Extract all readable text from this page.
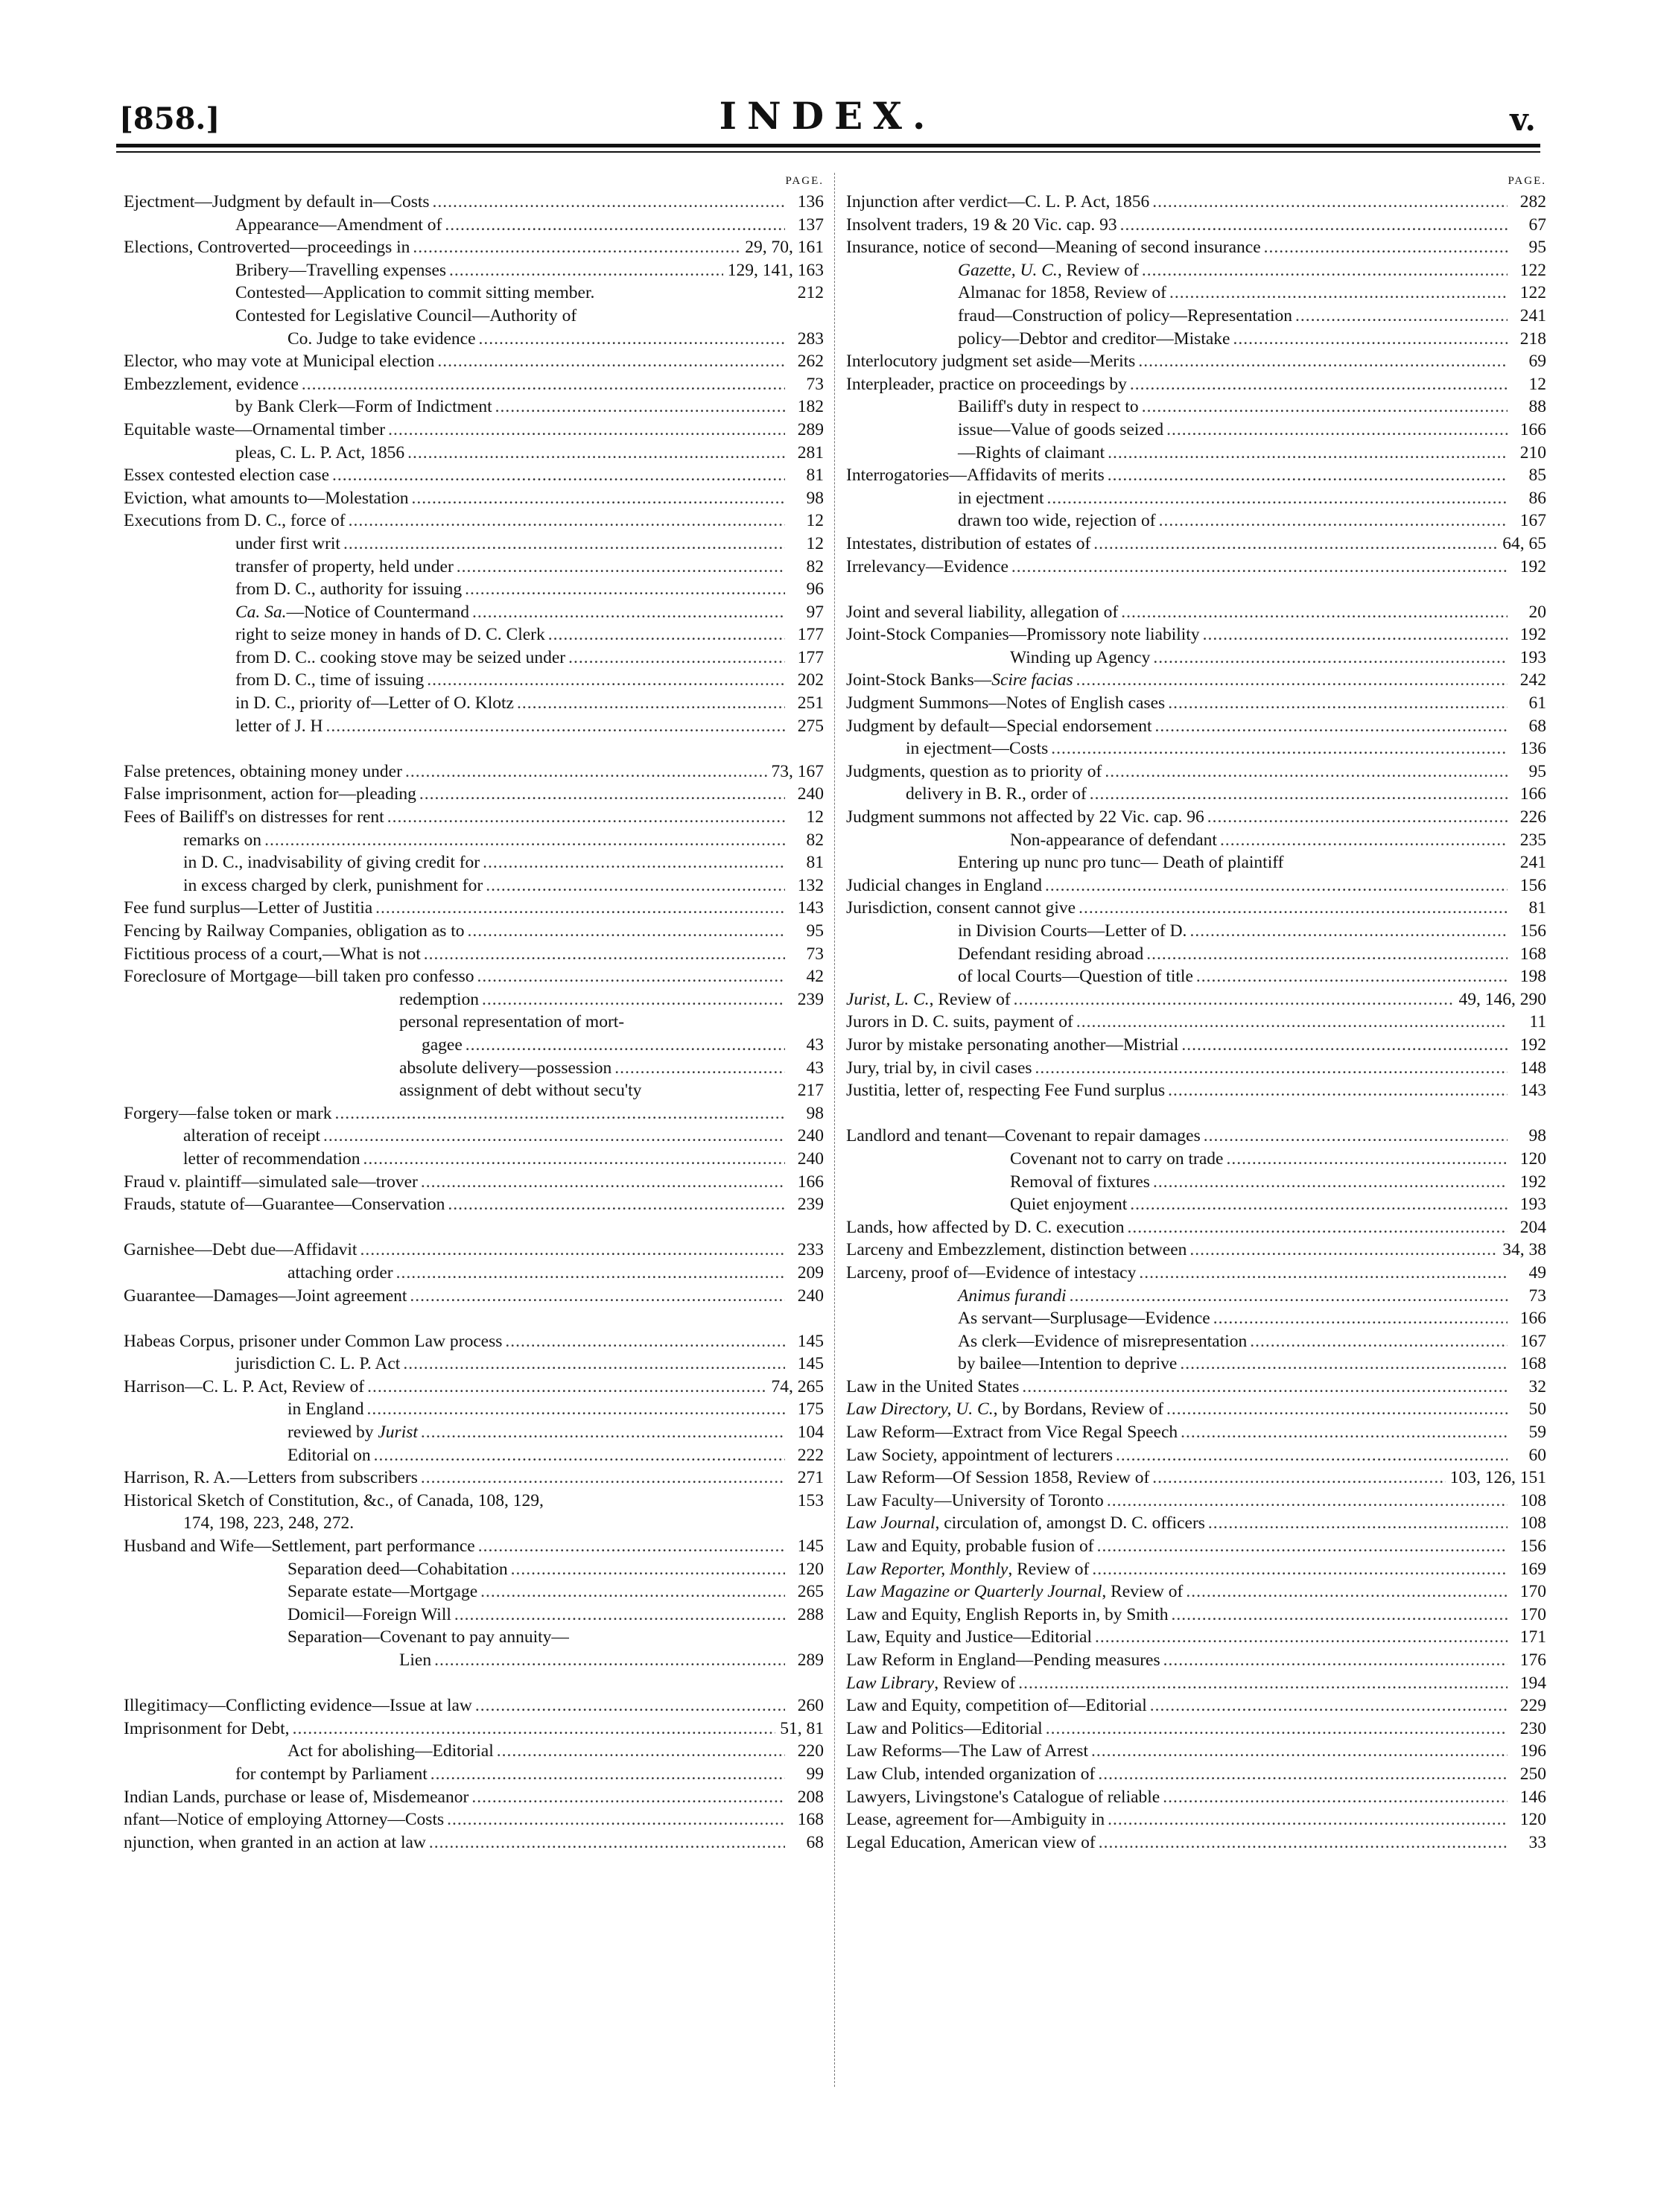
[858.]	INDEX.	v.
PAGE.
Ejectment—Judgment by default in—Costs .....	136
Appearance—Amendment of .....	137
Elections, Controverted—proceedings in .....	29, 70, 161
Bribery—Travelling expenses .....	129, 141, 163
Contested—Application to commit sitting member.	212
Contested for Legislative Council—Authority of
Co. Judge to take evidence .....	283
Elector, who may vote at Municipal election .....	262
Embezzlement, evidence .....	73
by Bank Clerk—Form of Indictment .....	182
Equitable waste—Ornamental timber .....	289
pleas, C. L. P. Act, 1856 .....	281
Essex contested election case .....	81
Eviction, what amounts to—Molestation .....	98
Executions from D. C., force of .....	12
under first writ .....	12
transfer of property, held under .....	82
from D. C., authority for issuing .....	96
Ca. Sa.—Notice of Countermand .....	97
right to seize money in hands of D. C. Clerk .....	177
from D. C.. cooking stove may be seized under .....	177
from D. C., time of issuing .....	202
in D. C., priority of—Letter of O. Klotz .....	251
letter of J. H .....	275
False pretences, obtaining money under .....	73, 167
False imprisonment, action for—pleading .....	240
Fees of Bailiff's on distresses for rent .....	12
remarks on .....	82
in D. C., inadvisability of giving credit for .....	81
in excess charged by clerk, punishment for .....	132
Fee fund surplus—Letter of Justitia .....	143
Fencing by Railway Companies, obligation as to .....	95
Fictitious process of a court,—What is not .....	73
Foreclosure of Mortgage—bill taken pro confesso .....	42
redemption .....	239
personal representation of mort-
gagee .....	43
absolute delivery—possession .....	43
assignment of debt without secu'ty	217
Forgery—false token or mark .....	98
alteration of receipt .....	240
letter of recommendation .....	240
Fraud v. plaintiff—simulated sale—trover .....	166
Frauds, statute of—Guarantee—Conservation .....	239
Garnishee—Debt due—Affidavit .....	233
attaching order .....	209
Guarantee—Damages—Joint agreement .....	240
Habeas Corpus, prisoner under Common Law process .....	145
jurisdiction C. L. P. Act .....	145
Harrison—C. L. P. Act, Review of .....	74, 265
in England .....	175
reviewed by Jurist .....	104
Editorial on .....	222
Harrison, R. A.—Letters from subscribers .....	271
Historical Sketch of Constitution, &c., of Canada, 108, 129,	153
174, 198, 223, 248, 272.
Husband and Wife—Settlement, part performance .....	145
Separation deed—Cohabitation .....	120
Separate estate—Mortgage .....	265
Domicil—Foreign Will .....	288
Separation—Covenant to pay annuity—
Lien .....	289
Illegitimacy—Conflicting evidence—Issue at law .....	260
Imprisonment for Debt, .....	51, 81
Act for abolishing—Editorial .....	220
for contempt by Parliament .....	99
Indian Lands, purchase or lease of, Misdemeanor .....	208
nfant—Notice of employing Attorney—Costs .....	168
njunction, when granted in an action at law .....	68
PAGE.
Injunction after verdict—C. L. P. Act, 1856 .....	282
Insolvent traders, 19 & 20 Vic. cap. 93 .....	67
Insurance, notice of second—Meaning of second insurance .....	95
Gazette, U. C., Review of .....	122
Almanac for 1858, Review of .....	122
fraud—Construction of policy—Representation .....	241
policy—Debtor and creditor—Mistake .....	218
Interlocutory judgment set aside—Merits .....	69
Interpleader, practice on proceedings by .....	12
Bailiff's duty in respect to .....	88
issue—Value of goods seized .....	166
—Rights of claimant .....	210
Interrogatories—Affidavits of merits .....	85
in ejectment .....	86
drawn too wide, rejection of .....	167
Intestates, distribution of estates of .....	64, 65
Irrelevancy—Evidence .....	192
Joint and several liability, allegation of .....	20
Joint-Stock Companies—Promissory note liability .....	192
Winding up Agency .....	193
Joint-Stock Banks—Scire facias .....	242
Judgment Summons—Notes of English cases .....	61
Judgment by default—Special endorsement .....	68
in ejectment—Costs .....	136
Judgments, question as to priority of .....	95
delivery in B. R., order of .....	166
Judgment summons not affected by 22 Vic. cap. 96 .....	226
Non-appearance of defendant .....	235
Entering up nunc pro tunc— Death of plaintiff	241
Judicial changes in England .....	156
Jurisdiction, consent cannot give .....	81
in Division Courts—Letter of D. .....	156
Defendant residing abroad .....	168
of local Courts—Question of title .....	198
Jurist, L. C., Review of .....	49, 146, 290
Jurors in D. C. suits, payment of .....	11
Juror by mistake personating another—Mistrial .....	192
Jury, trial by, in civil cases .....	148
Justitia, letter of, respecting Fee Fund surplus .....	143
Landlord and tenant—Covenant to repair damages .....	98
Covenant not to carry on trade .....	120
Removal of fixtures .....	192
Quiet enjoyment .....	193
Lands, how affected by D. C. execution .....	204
Larceny and Embezzlement, distinction between .....	34, 38
Larceny, proof of—Evidence of intestacy .....	49
Animus furandi .....	73
As servant—Surplusage—Evidence .....	166
As clerk—Evidence of misrepresentation .....	167
by bailee—Intention to deprive .....	168
Law in the United States .....	32
Law Directory, U. C., by Bordans, Review of .....	50
Law Reform—Extract from Vice Regal Speech .....	59
Law Society, appointment of lecturers .....	60
Law Reform—Of Session 1858, Review of .....	103, 126, 151
Law Faculty—University of Toronto .....	108
Law Journal, circulation of, amongst D. C. officers .....	108
Law and Equity, probable fusion of .....	156
Law Reporter, Monthly, Review of .....	169
Law Magazine or Quarterly Journal, Review of .....	170
Law and Equity, English Reports in, by Smith .....	170
Law, Equity and Justice—Editorial .....	171
Law Reform in England—Pending measures .....	176
Law Library, Review of .....	194
Law and Equity, competition of—Editorial .....	229
Law and Politics—Editorial .....	230
Law Reforms—The Law of Arrest .....	196
Law Club, intended organization of .....	250
Lawyers, Livingstone's Catalogue of reliable .....	146
Lease, agreement for—Ambiguity in .....	120
Legal Education, American view of .....	33
